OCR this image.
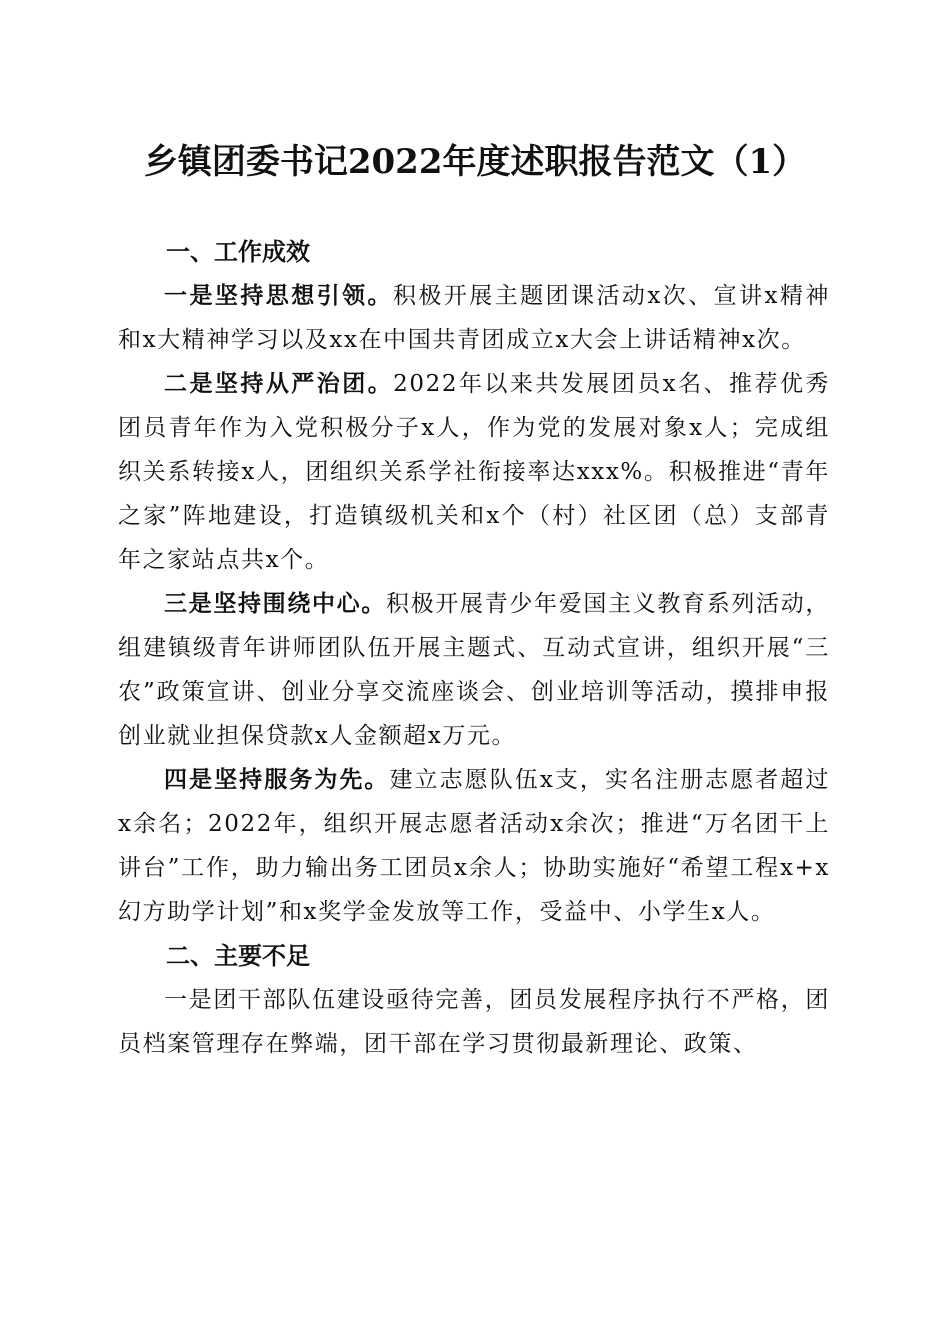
乡镇团委书记2022年度述职报告范文（1）
一、工作成效

一是坚持思想引领。积极开展主题团课活动x次、宣讲x精神和x大精神学习以及xx在中国共青团成立x大会上讲话精神x次。

二是坚持从严治团。2022年以来共发展团员x名、推荐优秀团员青年作为入党积极分子x人，作为党的发展对象x人；完成组织关系转接x人，团组织关系学社衔接率达xxx%。积极推进“青年之家”阵地建设，打造镇级机关和x个（村）社区团（总）支部青年之家站点共x个。

三是坚持围绕中心。积极开展青少年爱国主义教育系列活动，组建镇级青年讲师团队伍开展主题式、互动式宣讲，组织开展“三农”政策宣讲、创业分享交流座谈会、创业培训等活动，摸排申报创业就业担保贷款x人金额超x万元。

四是坚持服务为先。建立志愿队伍x支，实名注册志愿者超过x余名；2022年，组织开展志愿者活动x余次；推进“万名团干上讲台”工作，助力输出务工团员x余人；协助实施好“希望工程x+x幻方助学计划”和x奖学金发放等工作，受益中、小学生x人。

二、主要不足

一是团干部队伍建设亟待完善，团员发展程序执行不严格，团员档案管理存在弊端，团干部在学习贯彻最新理论、政策、
